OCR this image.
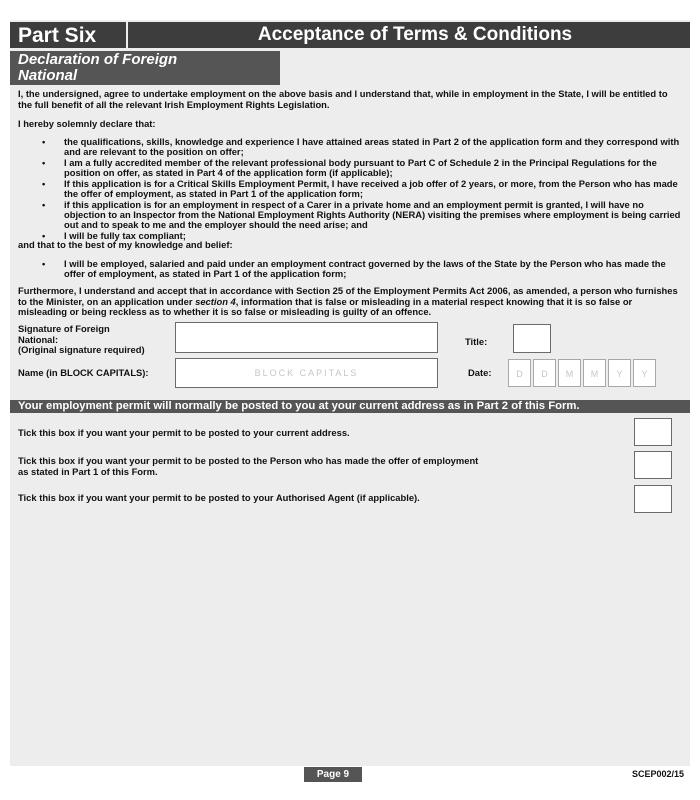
Part Six	Acceptance of Terms & Conditions
Declaration of Foreign
National
I, the undersigned, agree to undertake employment on the above basis and I understand that, while in employment in the State, I will be entitled to the full benefit of all the relevant Irish Employment Rights Legislation.
I hereby solemnly declare that:
• the qualifications, skills, knowledge and experience I have attained areas stated in Part 2 of the application form and they correspond with and are relevant to the position on offer;
• I am a fully accredited member of the relevant professional body pursuant to Part C of Schedule 2 in the Principal Regulations for the position on offer, as stated in Part 4 of the application form (if applicable);
• If this application is for a Critical Skills Employment Permit, I have received a job offer of 2 years, or more, from the Person who has made the offer of employment, as stated in Part 1 of the application form;
• if this application is for an employment in respect of a Carer in a private home and an employment permit is granted, I will have no objection to an Inspector from the National Employment Rights Authority (NERA) visiting the premises where employment is being carried out and to speak to me and the employer should the need arise; and
• I will be fully tax compliant;
and that to the best of my knowledge and belief:
• I will be employed, salaried and paid under an employment contract governed by the laws of the State by the Person who has made the offer of employment, as stated in Part 1 of the application form;
Furthermore, I understand and accept that in accordance with Section 25 of the Employment Permits Act 2006, as amended, a person who furnishes to the Minister, on an application under section 4, information that is false or misleading in a material respect knowing that it is so false or misleading or being reckless as to whether it is so false or misleading is guilty of an offence.
Signature of Foreign
National:
(Original signature required)
Title:
Name (in BLOCK CAPITALS):	BLOCK CAPITALS	Date:	D	D	M	M	Y	Y
Your employment permit will normally be posted to you at your current address as in Part 2 of this Form.
Tick this box if you want your permit to be posted to your current address.
Tick this box if you want your permit to be posted to the Person who has made the offer of employment
as stated in Part 1 of this Form.
Tick this box if you want your permit to be posted to your Authorised Agent (if applicable).
Page 9	SCEP002/15
